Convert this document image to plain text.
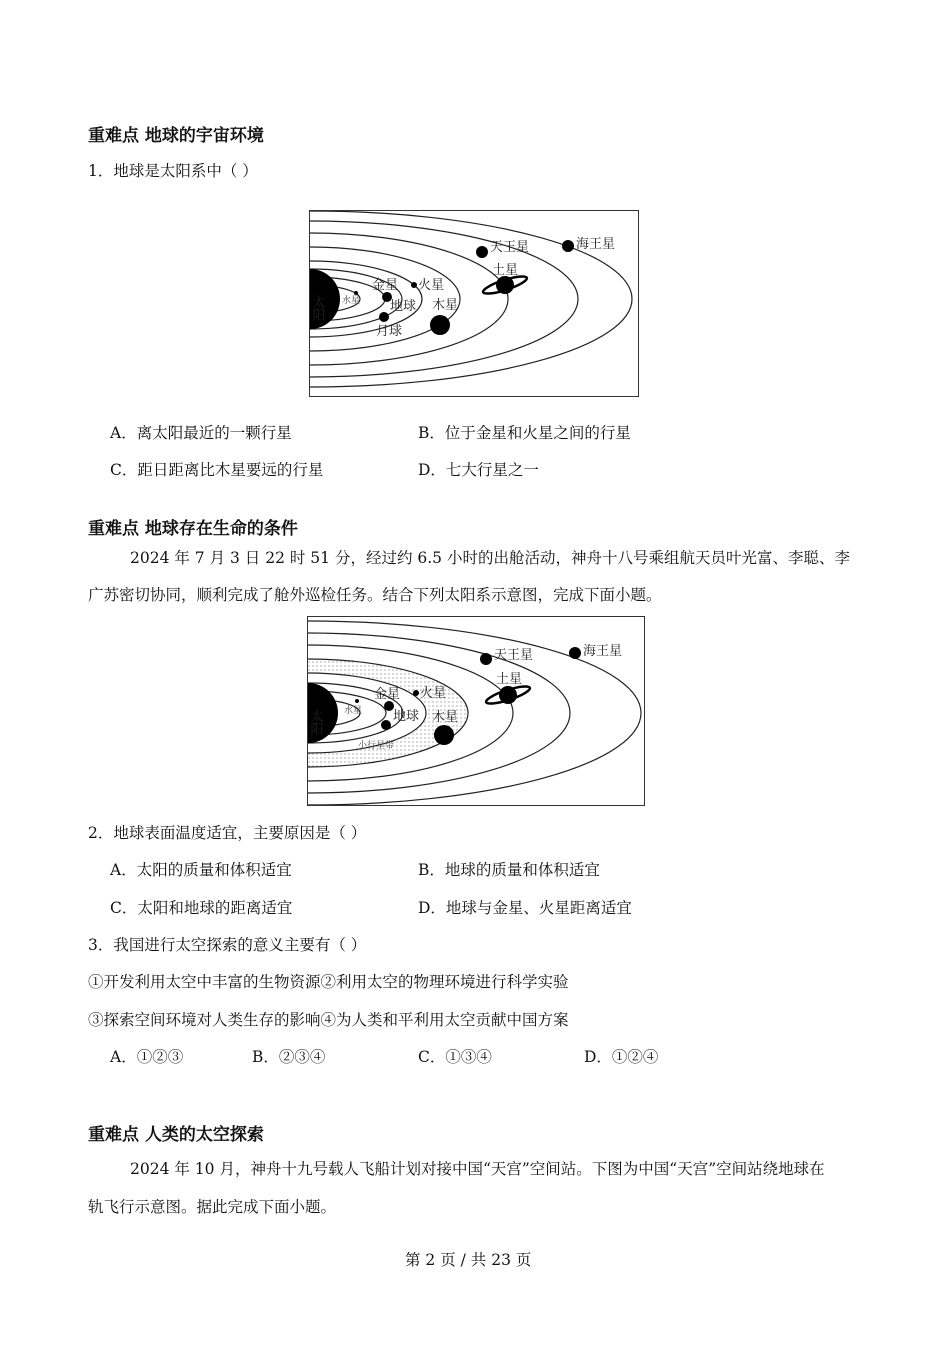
重难点 地球的宇宙环境
1．地球是太阳系中（ ）
太阳 水星
金星 火星
地球
月球
木星
土星
天王星	海王星
A．离太阳最近的一颗行星	B．位于金星和火星之间的行星
C．距日距离比木星要远的行星	D．七大行星之一
重难点 地球存在生命的条件
2024 年 7 月 3 日 22 时 51 分，经过约 6.5 小时的出舱活动，神舟十八号乘组航天员叶光富、李聪、李
广苏密切协同，顺利完成了舱外巡检任务。结合下列太阳系示意图，完成下面小题。
太阳 水星
金星 火星
地球 木星
小行星带
土星
天王星	海王星
2．地球表面温度适宜，主要原因是（ ）
A．太阳的质量和体积适宜	B．地球的质量和体积适宜
C．太阳和地球的距离适宜	D．地球与金星、火星距离适宜
3．我国进行太空探索的意义主要有（ ）
①开发利用太空中丰富的生物资源②利用太空的物理环境进行科学实验
③探索空间环境对人类生存的影响④为人类和平利用太空贡献中国方案
A．①②③	B．②③④	C．①③④	D．①②④
重难点 人类的太空探索
2024 年 10 月，神舟十九号载人飞船计划对接中国“天宫”空间站。下图为中国“天宫”空间站绕地球在
轨飞行示意图。据此完成下面小题。
第 2 页 / 共 23 页
